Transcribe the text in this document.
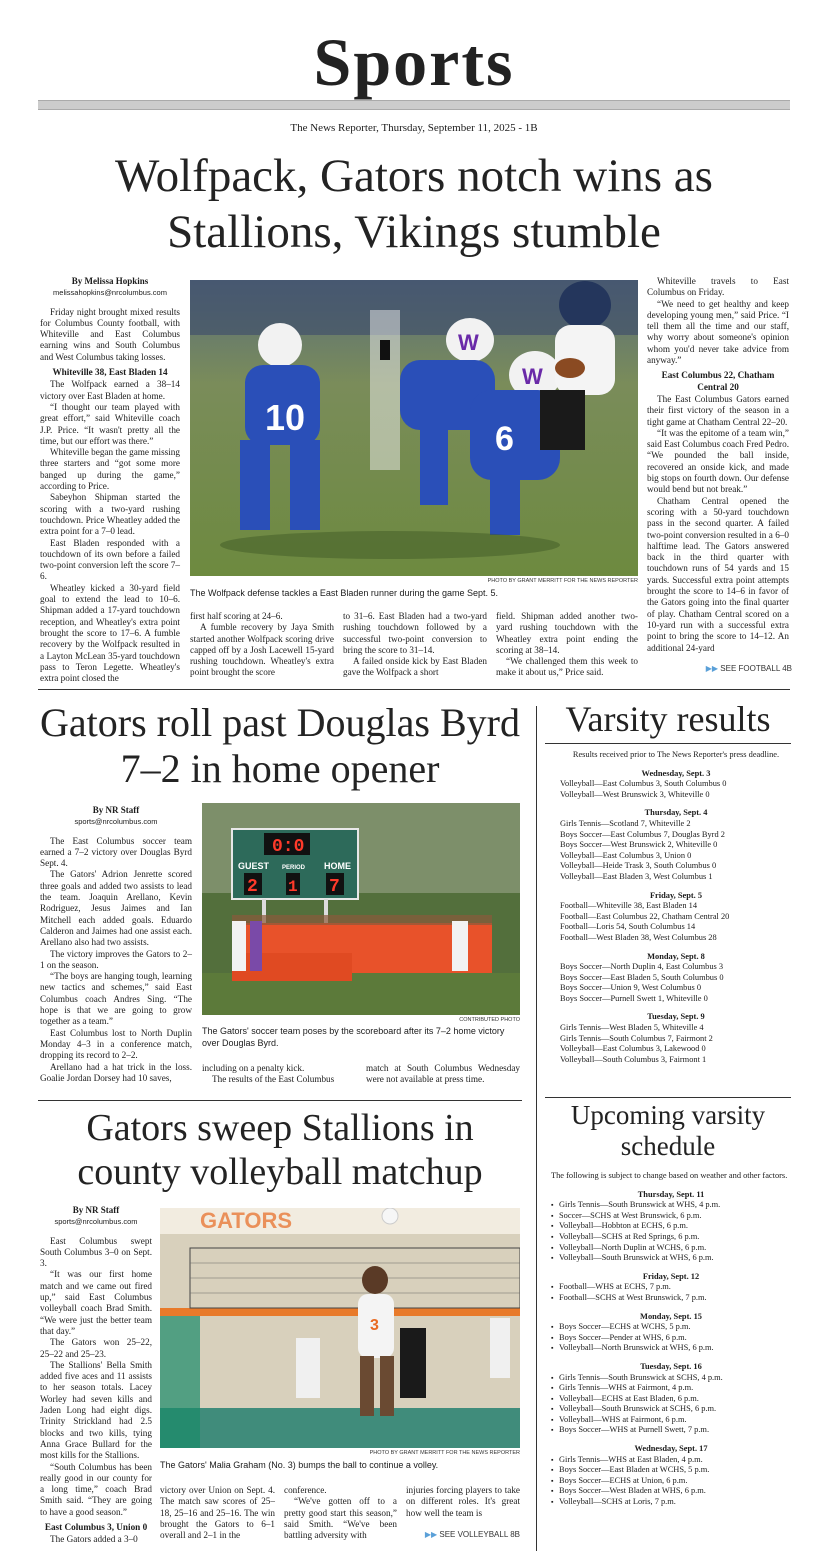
Sports
The News Reporter, Thursday, September 11, 2025 - 1B
Wolfpack, Gators notch wins as Stallions, Vikings stumble
By Melissa Hopkins
melissahopkins@nrcolumbus.com

Friday night brought mixed results for Columbus County football, with Whiteville and East Columbus earning wins and South Columbus and West Columbus taking losses.

Whiteville 38, East Bladen 14

The Wolfpack earned a 38–14 victory over East Bladen at home.

“I thought our team played with great effort,” said Whiteville coach J.P. Price. “It wasn't pretty all the time, but our effort was there.”

Whiteville began the game missing three starters and “got some more banged up during the game,” according to Price.

Sabeyhon Shipman started the scoring with a two-yard rushing touchdown. Price Wheatley added the extra point for a 7–0 lead.

East Bladen responded with a touchdown of its own before a failed two-point conversion left the score 7–6.

Wheatley kicked a 30-yard field goal to extend the lead to 10–6. Shipman added a 17-yard touchdown reception, and Wheatley's extra point brought the score to 17–6. A fumble recovery by the Wolfpack resulted in a Layton McLean 35-yard touchdown pass to Teron Legette. Wheatley's extra point closed the

10
W
W
6
PHOTO BY GRANT MERRITT FOR THE NEWS REPORTER
The Wolfpack defense tackles a East Bladen runner during the game Sept. 5.

first half scoring at 24–6.

A fumble recovery by Jaya Smith started another Wolfpack scoring drive capped off by a Josh Lacewell 15-yard rushing touchdown. Wheatley's extra point brought the score

to 31–6. East Bladen had a two-yard rushing touchdown followed by a successful two-point conversion to bring the score to 31–14.

A failed onside kick by East Bladen gave the Wolfpack a short

field. Shipman added another two-yard rushing touchdown with the Wheatley extra point ending the scoring at 38–14.

“We challenged them this week to make it about us,” Price said.

Whiteville travels to East Columbus on Friday.

“We need to get healthy and keep developing young men,” said Price. “I tell them all the time and our staff, why worry about someone's opinion whom you'd never take advice from anyway.”

East Columbus 22, Chatham Central 20

The East Columbus Gators earned their first victory of the season in a tight game at Chatham Central 22–20.

“It was the epitome of a team win,” said East Columbus coach Fred Pedro. “We pounded the ball inside, recovered an onside kick, and made big stops on fourth down. Our defense would bend but not break.”

Chatham Central opened the scoring with a 50-yard touchdown pass in the second quarter. A failed two-point conversion resulted in a 6–0 halftime lead. The Gators answered back in the third quarter with touchdown runs of 54 yards and 15 yards. Successful extra point attempts brought the score to 14–6 in favor of the Gators going into the final quarter of play. Chatham Central scored on a 10-yard run with a successful extra point to bring the score to 14–12. An additional 24-yard

▶▶ SEE FOOTBALL 4B
Gators roll past Douglas Byrd 7–2 in home opener
By NR Staff
sports@nrcolumbus.com

The East Columbus soccer team earned a 7–2 victory over Douglas Byrd Sept. 4.

The Gators' Adrion Jenrette scored three goals and added two assists to lead the team. Joaquin Arellano, Kevin Rodriguez, Jesus Jaimes and Ian Mitchell each added goals. Eduardo Calderon and Jaimes had one assist each. Arellano also had two assists.

The victory improves the Gators to 2–1 on the season.

“The boys are hanging tough, learning new tactics and schemes,” said East Columbus coach Andres Sing. “The hope is that we are going to grow together as a team.”

East Columbus lost to North Duplin Monday 4–3 in a conference match, dropping its record to 2–2.

Arellano had a hat trick in the loss. Goalie Jordan Dorsey had 10 saves,

0:0
GUEST PERIOD HOME
2 1 7
CONTRIBUTED PHOTO
The Gators' soccer team poses by the scoreboard after its 7–2 home victory over Douglas Byrd.

including on a penalty kick.

The results of the East Columbus

match at South Columbus Wednesday were not available at press time.

Gators sweep Stallions in county volleyball matchup
By NR Staff
sports@nrcolumbus.com

East Columbus swept South Columbus 3–0 on Sept. 3.

“It was our first home match and we came out fired up,” said East Columbus volleyball coach Brad Smith. “We were just the better team that day.”

The Gators won 25–22, 25–22 and 25–23.

The Stallions' Bella Smith added five aces and 11 assists to her season totals. Lacey Worley had seven kills and Jaden Long had eight digs. Trinity Strickland had 2.5 blocks and two kills, tying Anna Grace Bullard for the most kills for the Stallions.

“South Columbus has been really good in our county for a long time,” coach Brad Smith said. “They are going to have a good season.”

East Columbus 3, Union 0

The Gators added a 3–0

GATORS
3
PHOTO BY GRANT MERRITT FOR THE NEWS REPORTER
The Gators' Malia Graham (No. 3) bumps the ball to continue a volley.

victory over Union on Sept. 4. The match saw scores of 25–18, 25–16 and 25–16. The win brought the Gators to 6–1 overall and 2–1 in the

conference.

“We've gotten off to a pretty good start this season,” said Smith. “We've been battling adversity with

injuries forcing players to take on different roles. It's great how well the team is

▶▶ SEE VOLLEYBALL 8B
Varsity results
Results received prior to The News Reporter's press deadline.
Wednesday, Sept. 3
Volleyball—East Columbus 3, South Columbus 0
Volleyball—West Brunswick 3, Whiteville 0
Thursday, Sept. 4
Girls Tennis—Scotland 7, Whiteville 2
Boys Soccer—East Columbus 7, Douglas Byrd 2
Boys Soccer—West Brunswick 2, Whiteville 0
Volleyball—East Columbus 3, Union 0
Volleyball—Heide Trask 3, South Columbus 0
Volleyball—East Bladen 3, West Columbus 1
Friday, Sept. 5
Football—Whiteville 38, East Bladen 14
Football—East Columbus 22, Chatham Central 20
Football—Loris 54, South Columbus 14
Football—West Bladen 38, West Columbus 28
Monday, Sept. 8
Boys Soccer—North Duplin 4, East Columbus 3
Boys Soccer—East Bladen 5, South Columbus 0
Boys Soccer—Union 9, West Columbus 0
Boys Soccer—Purnell Swett 1, Whiteville 0
Tuesday, Sept. 9
Girls Tennis—West Bladen 5, Whiteville 4
Girls Tennis—South Columbus 7, Fairmont 2
Volleyball—East Columbus 3, Lakewood 0
Volleyball—South Columbus 3, Fairmont 1
Upcoming varsity schedule

The following is subject to change based on weather and other factors.

Thursday, Sept. 11
▪ Girls Tennis—South Brunswick at WHS, 4 p.m.
▪ Soccer—SCHS at West Brunswick, 6 p.m.
▪ Volleyball—Hobbton at ECHS, 6 p.m.
▪ Volleyball—SCHS at Red Springs, 6 p.m.
▪ Volleyball—North Duplin at WCHS, 6 p.m.
▪ Volleyball—South Brunswick at WHS, 6 p.m.
Friday, Sept. 12
▪ Football—WHS at ECHS, 7 p.m.
▪ Football—SCHS at West Brunswick, 7 p.m.
Monday, Sept. 15
▪ Boys Soccer—ECHS at WCHS, 5 p.m.
▪ Boys Soccer—Pender at WHS, 6 p.m.
▪ Volleyball—North Brunswick at WHS, 6 p.m.
Tuesday, Sept. 16
▪ Girls Tennis—South Brunswick at SCHS, 4 p.m.
▪ Girls Tennis—WHS at Fairmont, 4 p.m.
▪ Volleyball—ECHS at East Bladen, 6 p.m.
▪ Volleyball—South Brunswick at SCHS, 6 p.m.
▪ Volleyball—WHS at Fairmont, 6 p.m.
▪ Boys Soccer—WHS at Purnell Swett, 7 p.m.
Wednesday, Sept. 17
▪ Girls Tennis—WHS at East Bladen, 4 p.m.
▪ Boys Soccer—East Bladen at WCHS, 5 p.m.
▪ Boys Soccer—ECHS at Union, 6 p.m.
▪ Boys Soccer—West Bladen at WHS, 6 p.m.
▪ Volleyball—SCHS at Loris, 7 p.m.
